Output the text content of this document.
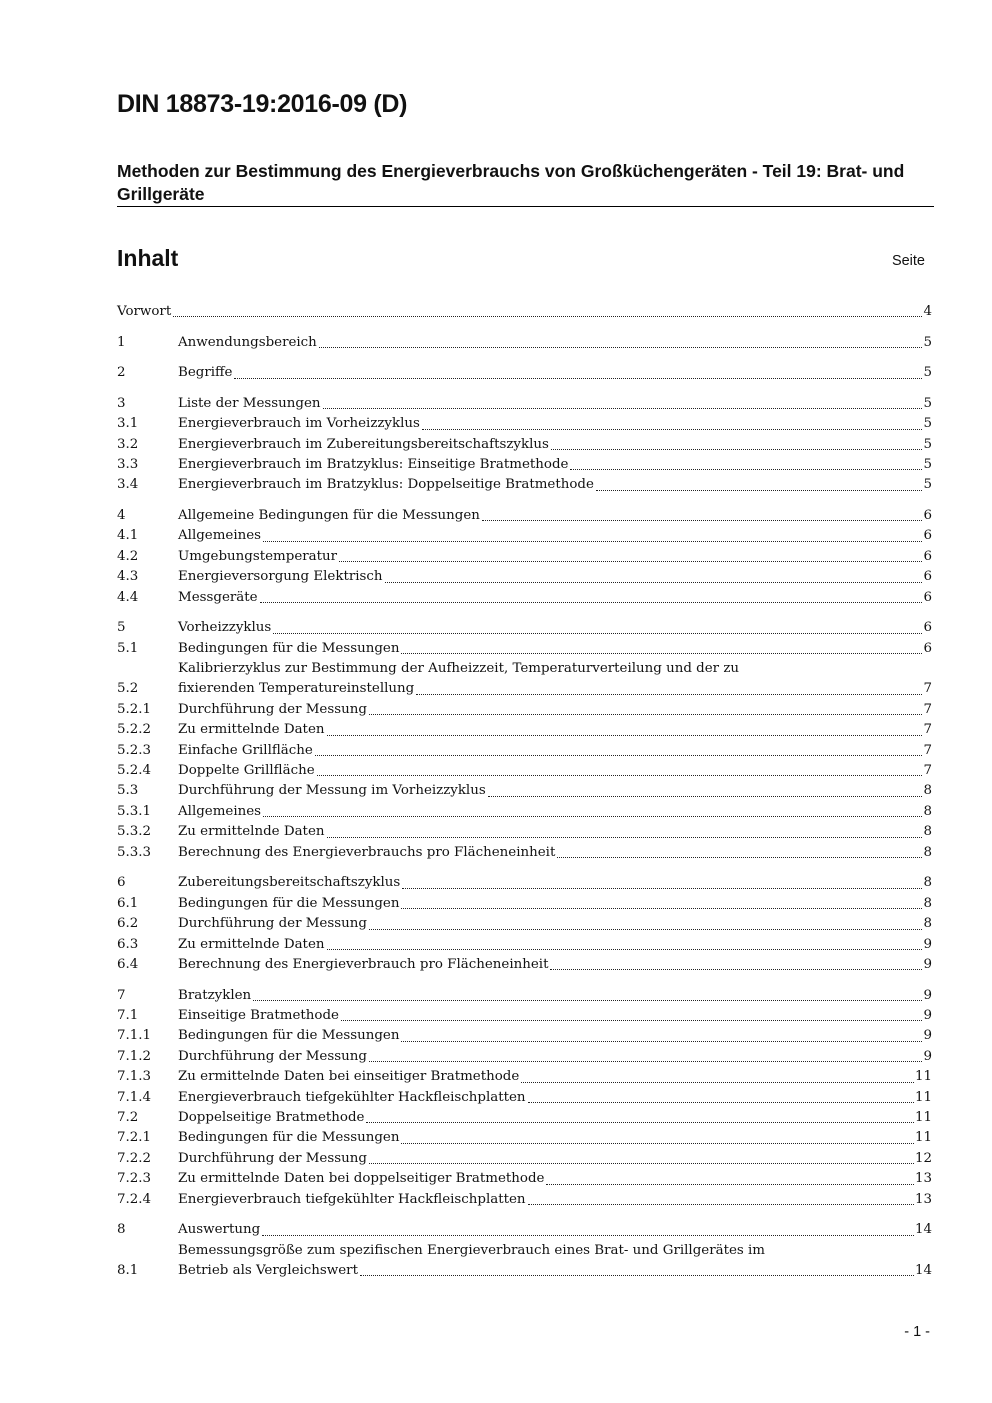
DIN 18873-19:2016-09 (D)
Methoden zur Bestimmung des Energieverbrauchs von Großküchengeräten - Teil 19: Brat- und Grillgeräte
Inhalt	Seite
Vorwort	4
1	Anwendungsbereich	5
2	Begriffe	5
3	Liste der Messungen	5
3.1	Energieverbrauch im Vorheizzyklus	5
3.2	Energieverbrauch im Zubereitungsbereitschaftszyklus	5
3.3	Energieverbrauch im Bratzyklus: Einseitige Bratmethode	5
3.4	Energieverbrauch im Bratzyklus: Doppelseitige Bratmethode	5
4	Allgemeine Bedingungen für die Messungen	6
4.1	Allgemeines	6
4.2	Umgebungstemperatur	6
4.3	Energieversorgung Elektrisch	6
4.4	Messgeräte	6
5	Vorheizzyklus	6
5.1	Bedingungen für die Messungen	6
5.2
Kalibrierzyklus zur Bestimmung der Aufheizzeit, Temperaturverteilung und der zu
fixierenden Temperatureinstellung	7
5.2.1	Durchführung der Messung	7
5.2.2	Zu ermittelnde Daten	7
5.2.3	Einfache Grillfläche	7
5.2.4	Doppelte Grillfläche	7
5.3	Durchführung der Messung im Vorheizzyklus	8
5.3.1	Allgemeines	8
5.3.2	Zu ermittelnde Daten	8
5.3.3	Berechnung des Energieverbrauchs pro Flächeneinheit	8
6	Zubereitungsbereitschaftszyklus	8
6.1	Bedingungen für die Messungen	8
6.2	Durchführung der Messung	8
6.3	Zu ermittelnde Daten	9
6.4	Berechnung des Energieverbrauch pro Flächeneinheit	9
7	Bratzyklen	9
7.1	Einseitige Bratmethode	9
7.1.1	Bedingungen für die Messungen	9
7.1.2	Durchführung der Messung	9
7.1.3	Zu ermittelnde Daten bei einseitiger Bratmethode	11
7.1.4	Energieverbrauch tiefgekühlter Hackfleischplatten	11
7.2	Doppelseitige Bratmethode	11
7.2.1	Bedingungen für die Messungen	11
7.2.2	Durchführung der Messung	12
7.2.3	Zu ermittelnde Daten bei doppelseitiger Bratmethode	13
7.2.4	Energieverbrauch tiefgekühlter Hackfleischplatten	13
8	Auswertung	14
8.1
Bemessungsgröße zum spezifischen Energieverbrauch eines Brat- und Grillgerätes im
Betrieb als Vergleichswert	14
- 1 -
